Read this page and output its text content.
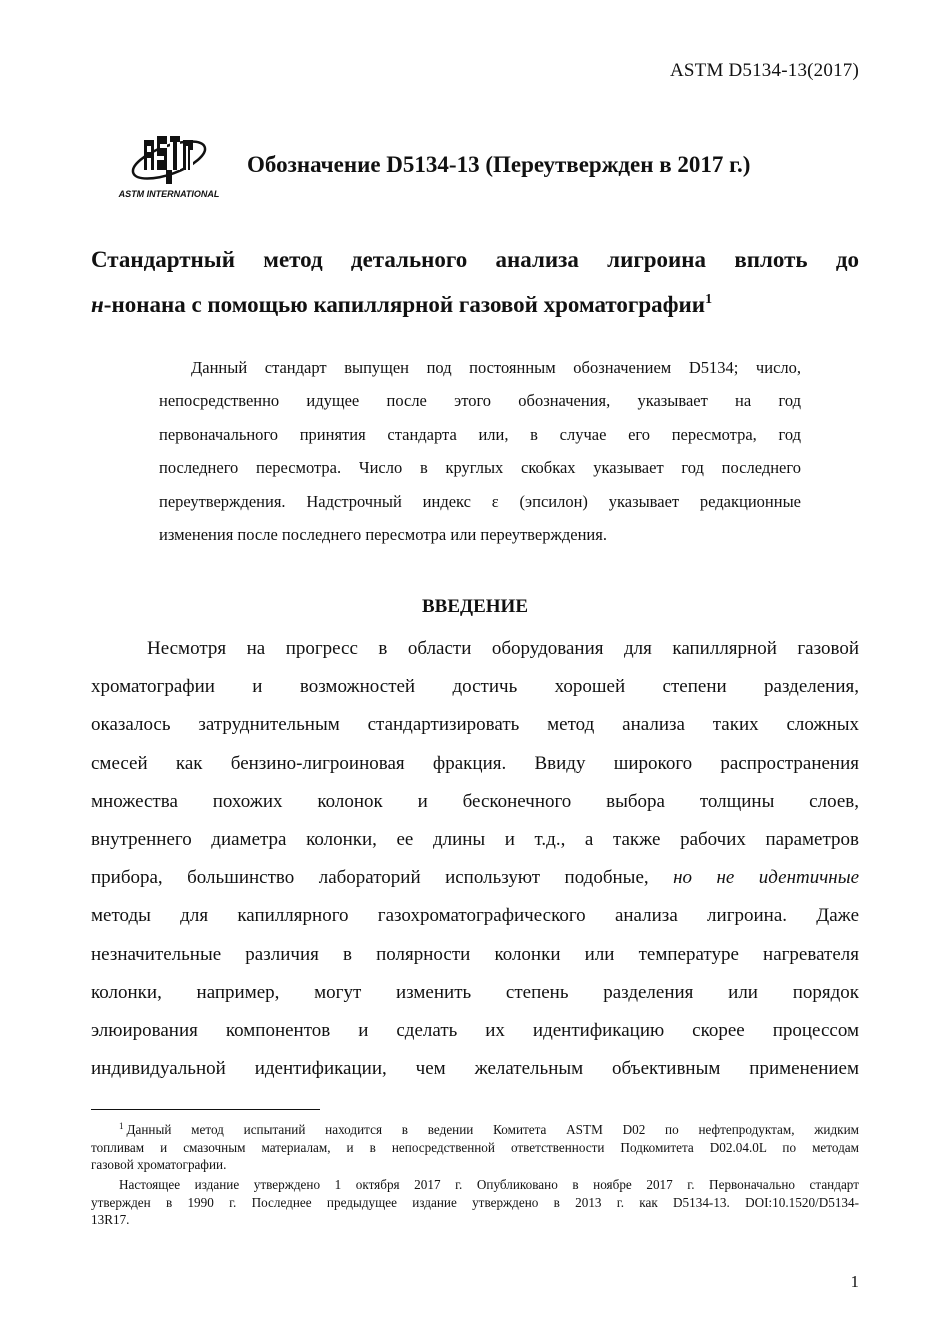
ASTM D5134-13(2017)
ASTM INTERNATIONAL
Обозначение D5134-13 (Переутвержден в 2017 г.)
Стандартный метод детального анализа лигроина вплоть до
н-нонана с помощью капиллярной газовой хроматографии$^1$

Данный стандарт выпущен под постоянным обозначением D5134; число,

непосредственно идущее после этого обозначения, указывает на год

первоначального принятия стандарта или, в случае его пересмотра, год

последнего пересмотра. Число в круглых скобках указывает год последнего

переутверждения. Надстрочный индекс ε (эпсилон) указывает редакционные

изменения после последнего пересмотра или переутверждения.

ВВЕДЕНИЕ

Несмотря на прогресс в области оборудования для капиллярной газовой

хроматографии и возможностей достичь хорошей степени разделения,

оказалось затруднительным стандартизировать метод анализа таких сложных

смесей как бензино-лигроиновая фракция. Ввиду широкого распространения

множества похожих колонок и бесконечного выбора толщины слоев,

внутреннего диаметра колонки, ее длины и т.д., а также рабочих параметров

прибора, большинство лабораторий используют подобные, но не идентичные

методы для капиллярного газохроматографического анализа лигроина. Даже

незначительные различия в полярности колонки или температуре нагревателя

колонки, например, могут изменить степень разделения или порядок

элюирования компонентов и сделать их идентификацию скорее процессом

индивидуальной идентификации, чем желательным объективным применением

$^1$ Данный метод испытаний находится в ведении Комитета ASTM D02 по нефтепродуктам, жидким

топливам и смазочным материалам, и в непосредственной ответственности Подкомитета D02.04.0L по методам

газовой хроматографии.

Настоящее издание утверждено 1 октября 2017 г. Опубликовано в ноябре 2017 г. Первоначально стандарт

утвержден в 1990 г. Последнее предыдущее издание утверждено в 2013 г. как D5134-13. DOI:10.1520/D5134-

13R17.

1
